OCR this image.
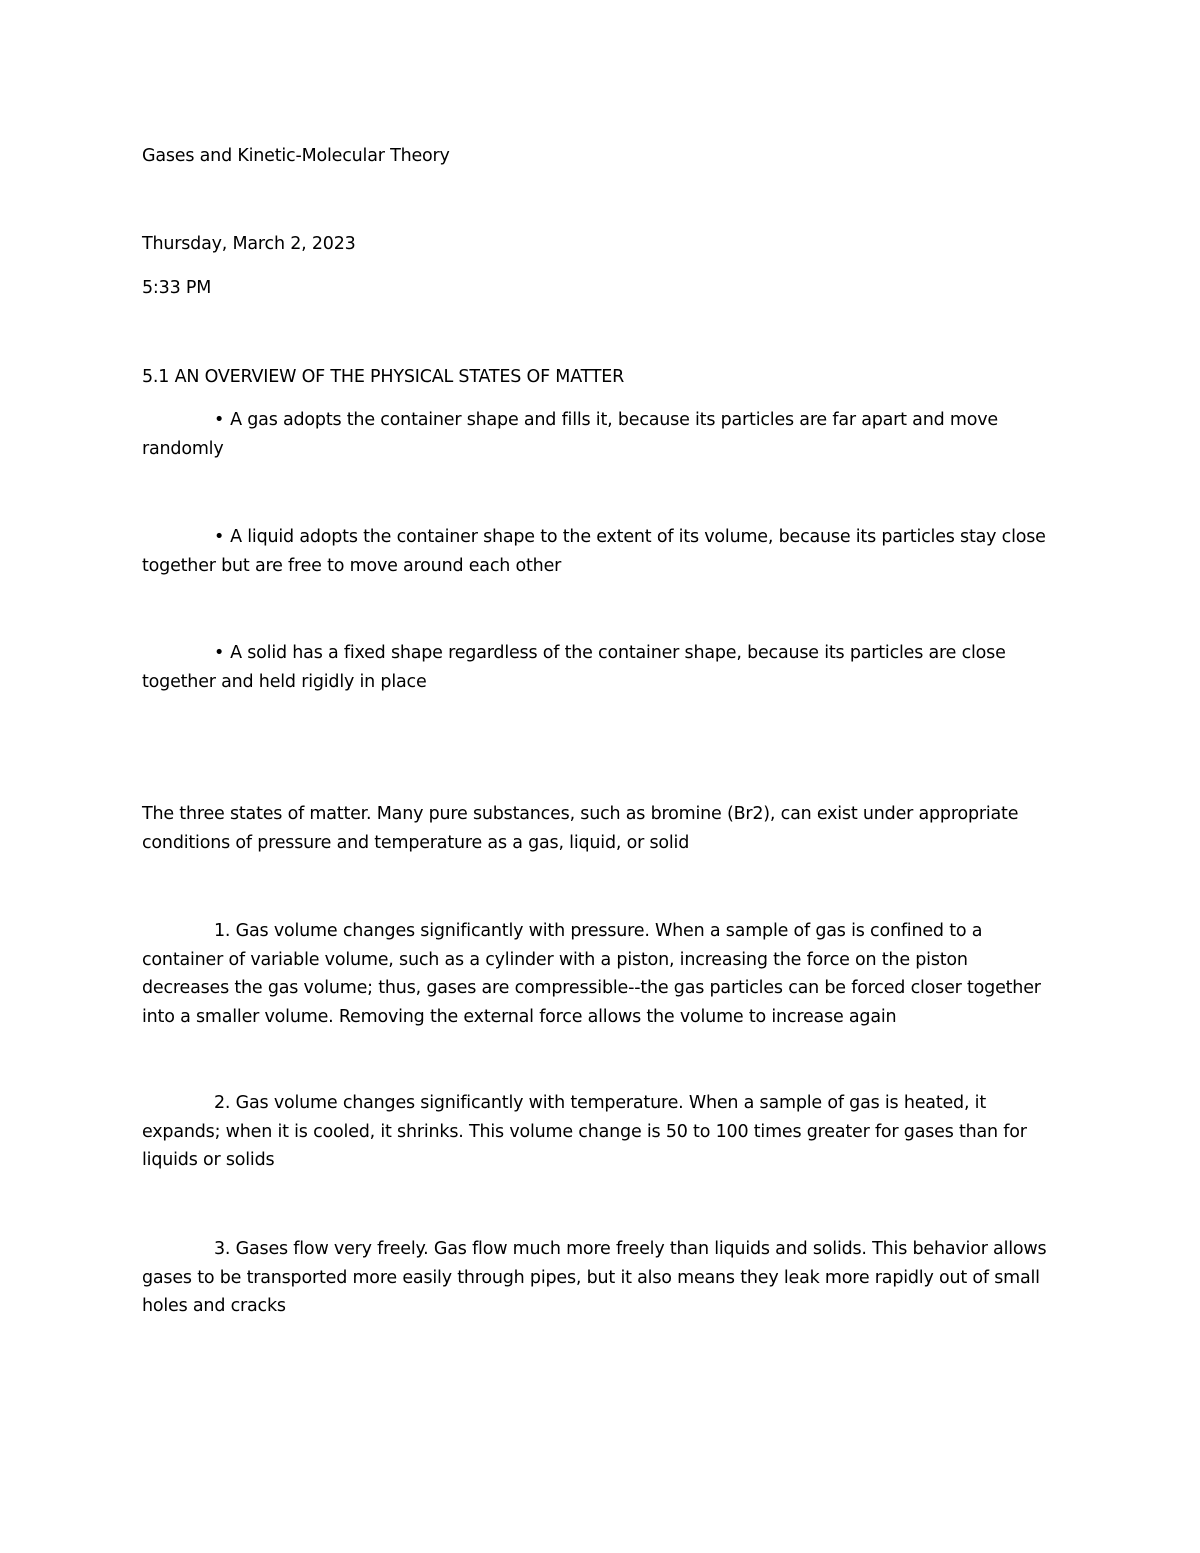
Gases and Kinetic-Molecular Theory
Thursday, March 2, 2023
5:33 PM
5.1 AN OVERVIEW OF THE PHYSICAL STATES OF MATTER
• A gas adopts the container shape and fills it, because its particles are far apart and move randomly
• A liquid adopts the container shape to the extent of its volume, because its particles stay close together but are free to move around each other
• A solid has a fixed shape regardless of the container shape, because its particles are close together and held rigidly in place
The three states of matter. Many pure substances, such as bromine (Br2), can exist under appropriate conditions of pressure and temperature as a gas, liquid, or solid
1. Gas volume changes significantly with pressure. When a sample of gas is confined to a container of variable volume, such as a cylinder with a piston, increasing the force on the piston decreases the gas volume; thus, gases are compressible--the gas particles can be forced closer together into a smaller volume. Removing the external force allows the volume to increase again
2. Gas volume changes significantly with temperature. When a sample of gas is heated, it expands; when it is cooled, it shrinks. This volume change is 50 to 100 times greater for gases than for liquids or solids
3. Gases flow very freely. Gas flow much more freely than liquids and solids. This behavior allows gases to be transported more easily through pipes, but it also means they leak more rapidly out of small holes and cracks
